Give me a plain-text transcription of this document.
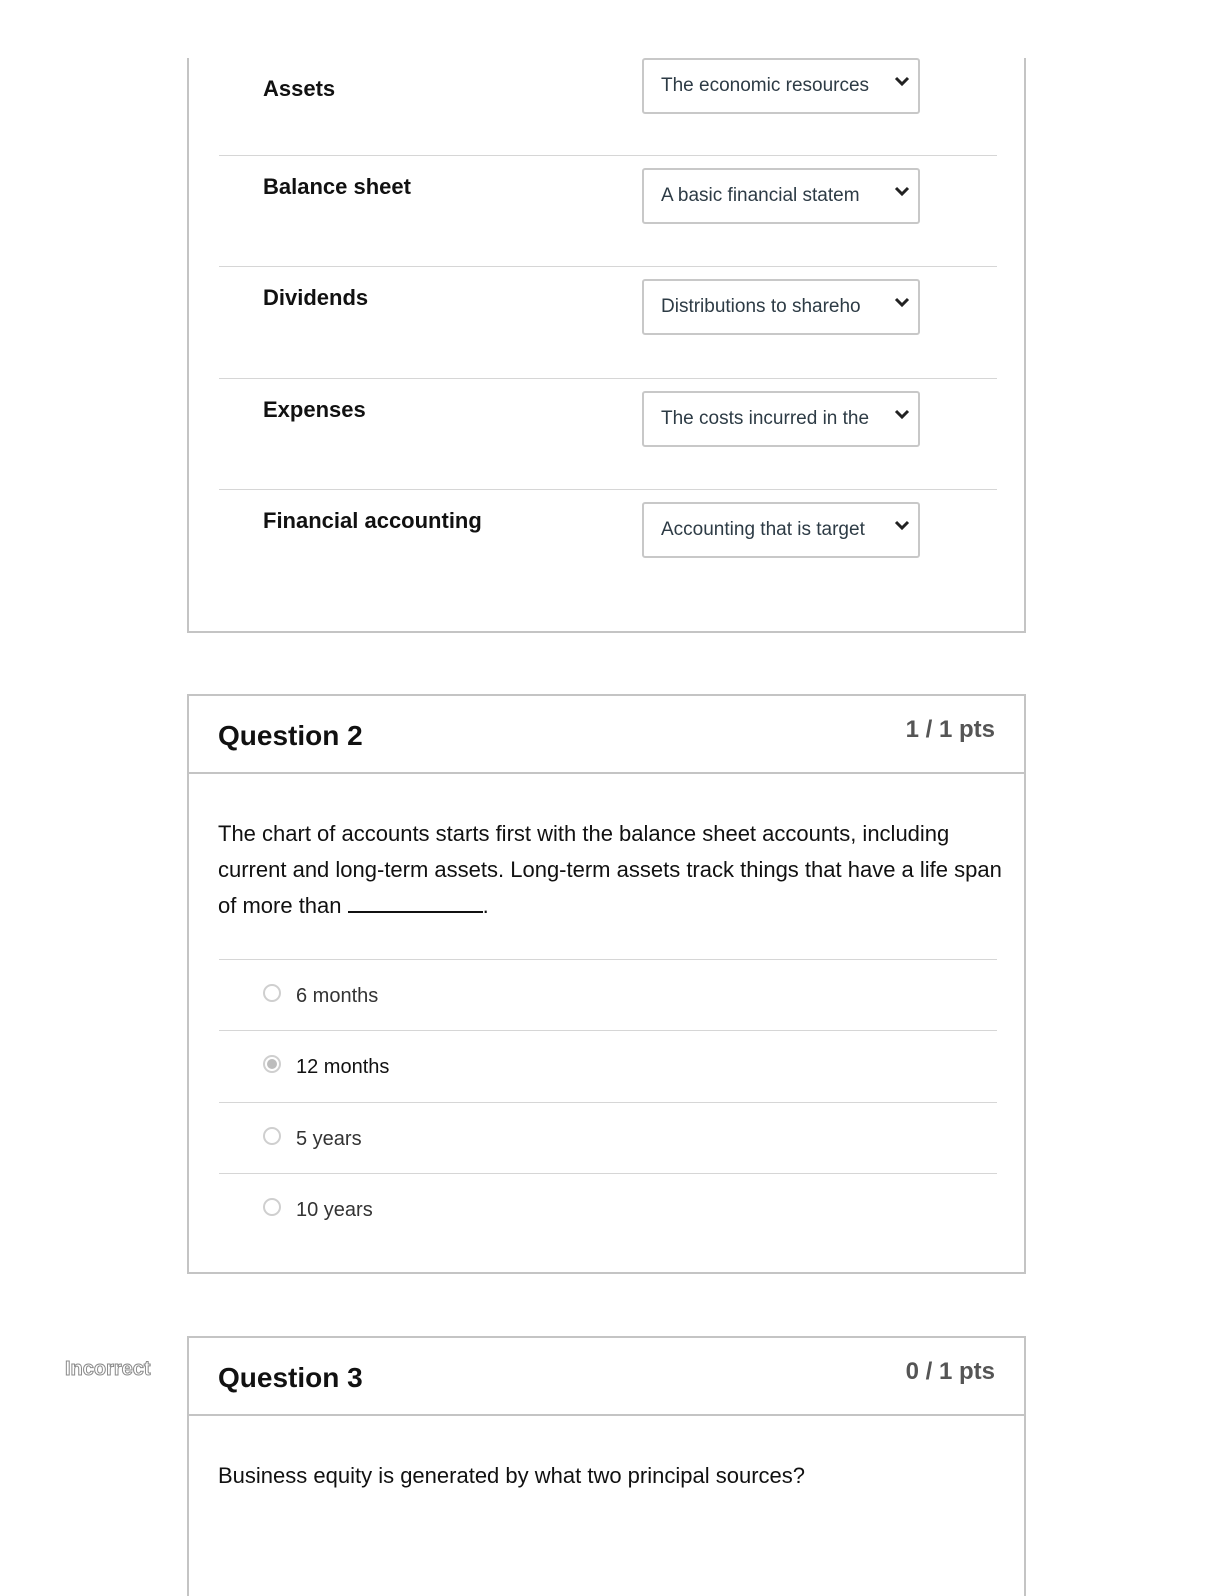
Assets	The economic resources
Balance sheet	A basic financial statem
Dividends	Distributions to shareho
Expenses	The costs incurred in the
Financial accounting	Accounting that is target
Question 2	1 / 1 pts
The chart of accounts starts first with the balance sheet accounts, including current and long-term assets. Long-term assets track things that have a life span of more than	.
6 months
12 months
5 years
10 years
Incorrect Question 3	0 / 1 pts
Business equity is generated by what two principal sources?
